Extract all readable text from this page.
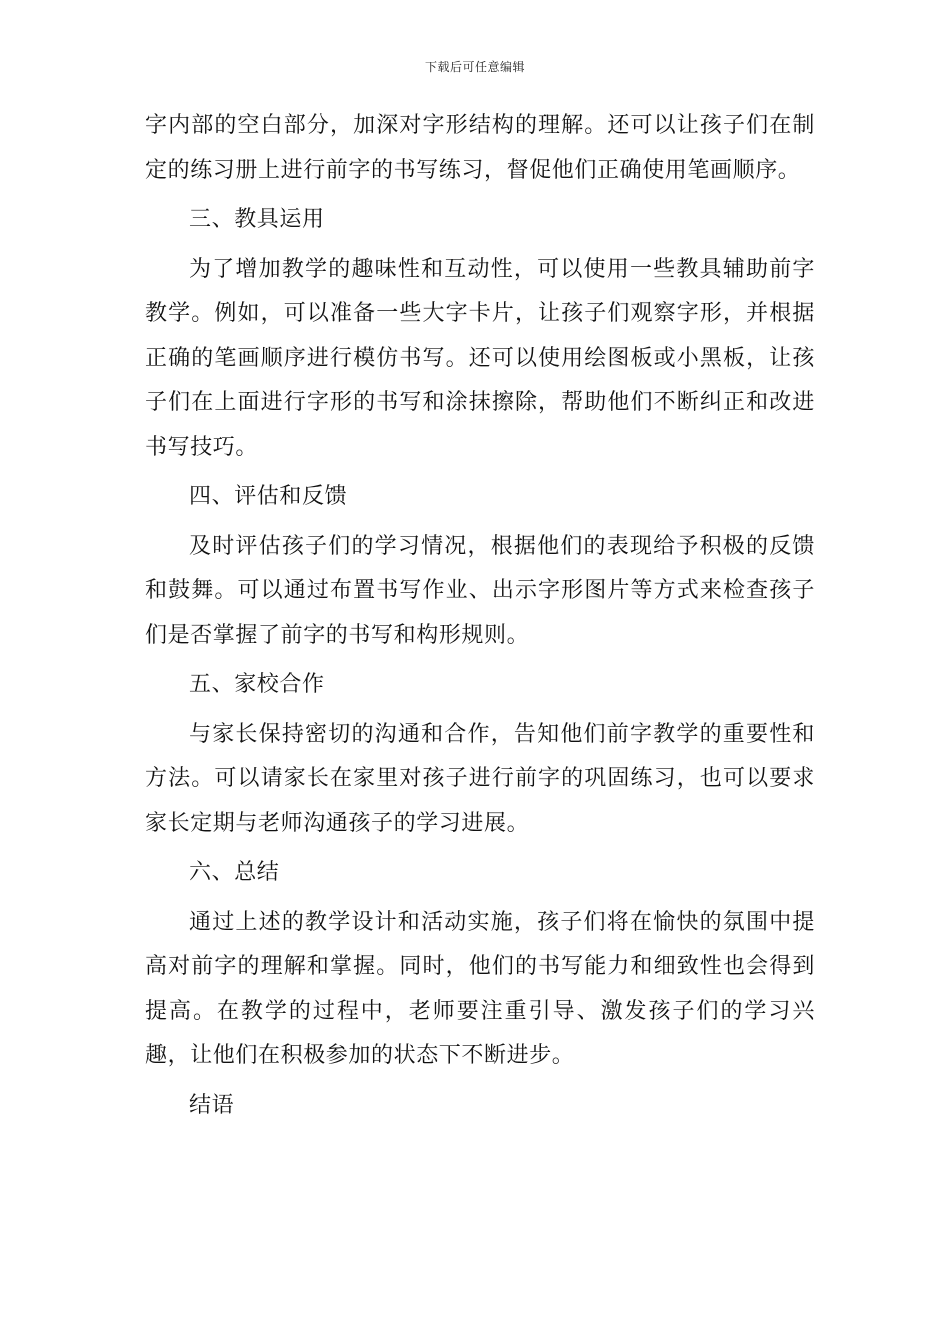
下载后可任意编辑

字内部的空白部分，加深对字形结构的理解。还可以让孩子们在制定的练习册上进行前字的书写练习，督促他们正确使用笔画顺序。

三、教具运用

为了增加教学的趣味性和互动性，可以使用一些教具辅助前字教学。例如，可以准备一些大字卡片，让孩子们观察字形，并根据正确的笔画顺序进行模仿书写。还可以使用绘图板或小黑板，让孩子们在上面进行字形的书写和涂抹擦除，帮助他们不断纠正和改进书写技巧。

四、评估和反馈

及时评估孩子们的学习情况，根据他们的表现给予积极的反馈和鼓舞。可以通过布置书写作业、出示字形图片等方式来检查孩子们是否掌握了前字的书写和构形规则。

五、家校合作

与家长保持密切的沟通和合作，告知他们前字教学的重要性和方法。可以请家长在家里对孩子进行前字的巩固练习，也可以要求家长定期与老师沟通孩子的学习进展。

六、总结

通过上述的教学设计和活动实施，孩子们将在愉快的氛围中提高对前字的理解和掌握。同时，他们的书写能力和细致性也会得到提高。在教学的过程中，老师要注重引导、激发孩子们的学习兴趣，让他们在积极参加的状态下不断进步。

结语
